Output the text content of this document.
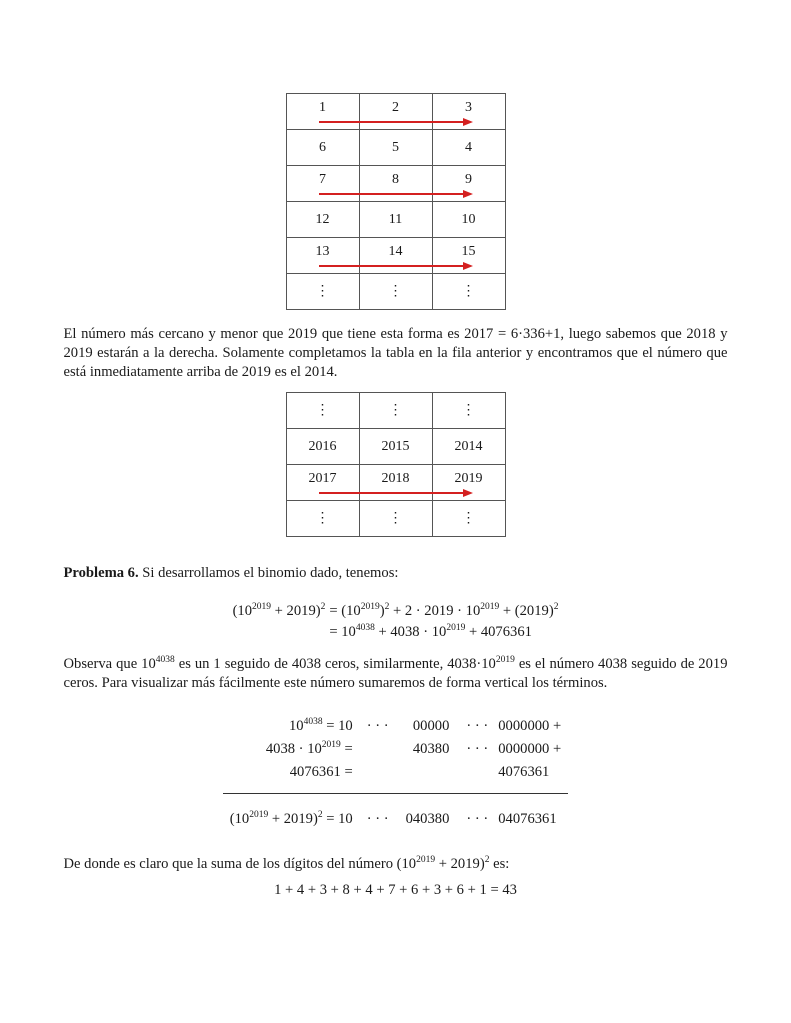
1	2	3
6	5	4
7	8	9
12	11	10
13	14	15
⋮	⋮	⋮

El número más cercano y menor que 2019 que tiene esta forma es 2017 = 6·336+1, luego sabemos que 2018 y 2019 estarán a la derecha. Solamente completamos la tabla en la fila anterior y encontramos que el número que está inmediatamente arriba de 2019 es el 2014.

⋮	⋮	⋮
2016	2015	2014
2017	2018	2019
⋮	⋮	⋮

Problema 6. Si desarrollamos el binomio dado, tenemos:

$(10^{2019} + 2019)^2$	= $(10^{2019})^2 + 2 \cdot 2019 \cdot 10^{2019} + (2019)^2$
	= $10^{4038} + 4038 \cdot 10^{2019} + 4076361$

Observa que $10^{4038}$ es un 1 seguido de 4038 ceros, similarmente, $4038\cdot 10^{2019}$ es el número 4038 seguido de 2019 ceros. Para visualizar más fácilmente este número sumaremos de forma vertical los términos.

$10^{4038} = 10$	· · ·	00000	· · ·	0000000 +
$4038 \cdot 10^{2019}$ =		40380	· · ·	0000000 +
4076361 =				4076361

$(10^{2019} + 2019)^2 = 10$	· · ·	040380	· · ·	04076361

De donde es claro que la suma de los dígitos del número $(10^{2019} + 2019)^2$ es:

1 + 4 + 3 + 8 + 4 + 7 + 6 + 3 + 6 + 1 = 43
